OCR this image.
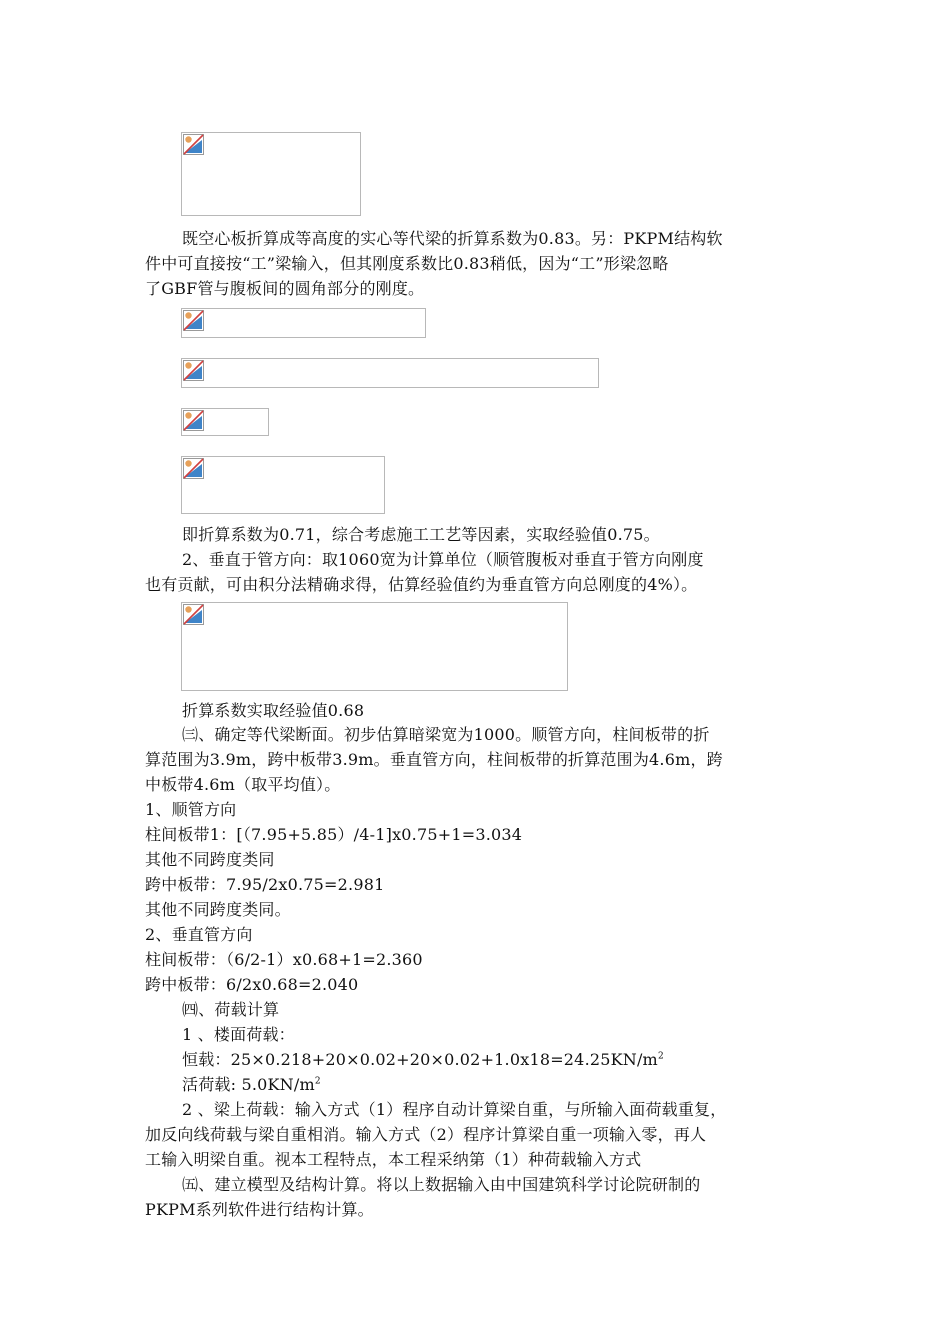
既空心板折算成等高度的实心等代梁的折算系数为0.83。另：PKPM结构软
件中可直接按“工”梁输入，但其刚度系数比0.83稍低，因为“工”形梁忽略
了GBF管与腹板间的圆角部分的刚度。
即折算系数为0.71，综合考虑施工工艺等因素，实取经验值0.75。
2、垂直于管方向：取1060宽为计算单位（顺管腹板对垂直于管方向刚度
也有贡献，可由积分法精确求得，估算经验值约为垂直管方向总刚度的4%）。
折算系数实取经验值0.68
㈢、确定等代梁断面。初步估算暗梁宽为1000。顺管方向，柱间板带的折
算范围为3.9m，跨中板带3.9m。垂直管方向，柱间板带的折算范围为4.6m，跨
中板带4.6m（取平均值）。
1、顺管方向
柱间板带1：[（7.95+5.85）/4-1]x0.75+1=3.034
其他不同跨度类同
跨中板带：7.95/2x0.75=2.981
其他不同跨度类同。
2、垂直管方向
柱间板带：（6/2-1）x0.68+1=2.360
跨中板带：6/2x0.68=2.040
㈣、荷载计算
1 、楼面荷载：
恒载：$25\times 0.218+20\times 0.02+20\times 0.02+1.0x18=24.25KN/m^2$
活荷载: $5.0KN/m^2$
2 、梁上荷载：输入方式（1）程序自动计算梁自重，与所输入面荷载重复，
加反向线荷载与梁自重相消。输入方式（2）程序计算梁自重一项输入零，再人
工输入明梁自重。视本工程特点，本工程采纳第（1）种荷载输入方式
㈤、建立模型及结构计算。将以上数据输入由中国建筑科学讨论院研制的
PKPM系列软件进行结构计算。
